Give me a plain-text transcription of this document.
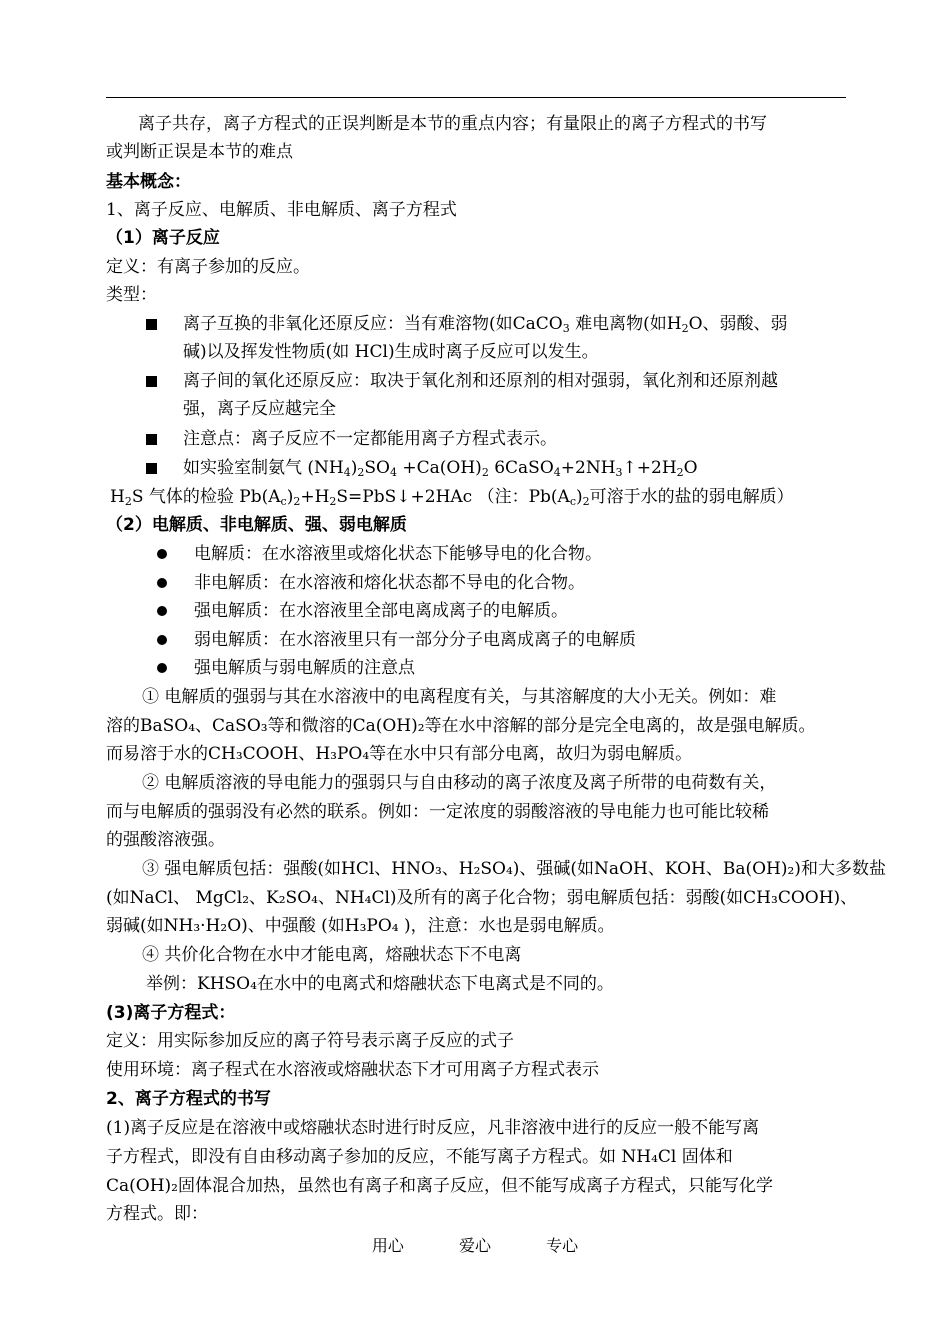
离子共存，离子方程式的正误判断是本节的重点内容；有量限止的离子方程式的书写
或判断正误是本节的难点
基本概念：
1、离子反应、电解质、非电解质、离子方程式
（1）离子反应
定义：有离子参加的反应。
类型：
离子互换的非氧化还原反应：当有难溶物(如CaCO$_3$ 难电离物(如$H_2O$、弱酸、弱
碱)以及挥发性物质(如 HCl)生成时离子反应可以发生。
离子间的氧化还原反应：取决于氧化剂和还原剂的相对强弱，氧化剂和还原剂越
强，离子反应越完全
注意点：离子反应不一定都能用离子方程式表示。
如实验室制氨气 $(NH_4)_2SO_4 +Ca(OH)_2$ $6CaSO_4+2NH_3↑+2H_2O$
$H_2S$ 气体的检验 $Pb(A_c)_2+H_2S=PbS↓+2HAc$ （注：$Pb(A_c)_2$可溶于水的盐的弱电解质）
（2）电解质、非电解质、强、弱电解质
电解质：在水溶液里或熔化状态下能够导电的化合物。
非电解质：在水溶液和熔化状态都不导电的化合物。
强电解质：在水溶液里全部电离成离子的电解质。
弱电解质：在水溶液里只有一部分分子电离成离子的电解质
强电解质与弱电解质的注意点
① 电解质的强弱与其在水溶液中的电离程度有关，与其溶解度的大小无关。例如：难
溶的BaSO₄、CaSO₃等和微溶的Ca(OH)₂等在水中溶解的部分是完全电离的，故是强电解质。
而易溶于水的CH₃COOH、H₃PO₄等在水中只有部分电离，故归为弱电解质。
② 电解质溶液的导电能力的强弱只与自由移动的离子浓度及离子所带的电荷数有关，
而与电解质的强弱没有必然的联系。例如：一定浓度的弱酸溶液的导电能力也可能比较稀
的强酸溶液强。
③ 强电解质包括：强酸(如HCl、HNO₃、H₂SO₄)、强碱(如NaOH、KOH、Ba(OH)₂)和大多数盐
(如NaCl、 MgCl₂、K₂SO₄、NH₄Cl)及所有的离子化合物；弱电解质包括：弱酸(如CH₃COOH)、
弱碱(如NH₃·H₂O)、中强酸 (如H₃PO₄ )，注意：水也是弱电解质。
④ 共价化合物在水中才能电离，熔融状态下不电离
举例：KHSO₄在水中的电离式和熔融状态下电离式是不同的。
(3)离子方程式：
定义：用实际参加反应的离子符号表示离子反应的式子
使用环境：离子程式在水溶液或熔融状态下才可用离子方程式表示
2、离子方程式的书写
(1)离子反应是在溶液中或熔融状态时进行时反应，凡非溶液中进行的反应一般不能写离
子方程式，即没有自由移动离子参加的反应，不能写离子方程式。如 NH₄Cl 固体和
Ca(OH)₂固体混合加热，虽然也有离子和离子反应，但不能写成离子方程式，只能写化学
方程式。即：
用心	爱心	专心
